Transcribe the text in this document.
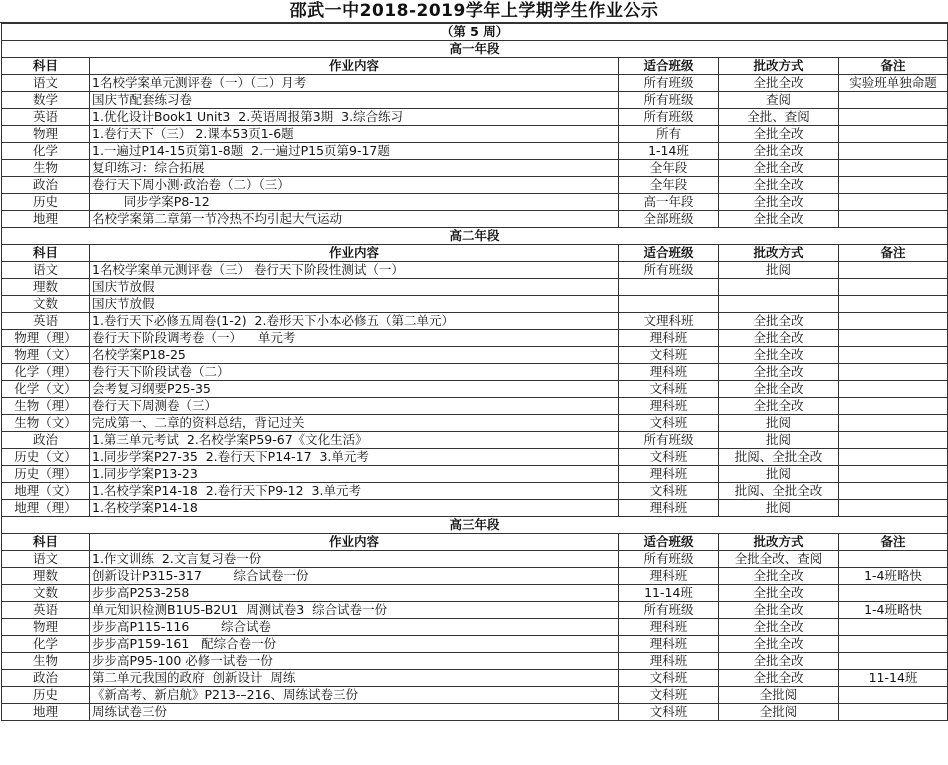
邵武一中2018-2019学年上学期学生作业公示
（第 5 周）				
高一年段				
科目	作业内容	适合班级	批改方式	备注
语文	1名校学案单元测评卷（一）（二）月考	所有班级	全批全改	实验班单独命题
数学	国庆节配套练习卷	所有班级	查阅	
英语	1.优化设计Book1 Unit3  2.英语周报第3期  3.综合练习	所有班级	全批、查阅	
物理	1.卷行天下（三） 2.课本53页1-6题	所有	全批全改	
化学	1.一遍过P14-15页第1-8题  2.一遍过P15页第9-17题	1-14班	全批全改	
生物	复印练习：综合拓展	全年段	全批全改	
政治	卷行天下周小测·政治卷（二）（三）	全年段	全批全改	
历史	同步学案P8-12	高一年段	全批全改	
地理	名校学案第二章第一节冷热不均引起大气运动	全部班级	全批全改	
高二年段				
科目	作业内容	适合班级	批改方式	备注
语文	1名校学案单元测评卷（三） 卷行天下阶段性测试（一）	所有班级	批阅	
理数	国庆节放假			
文数	国庆节放假			
英语	1.卷行天下必修五周卷(1-2)  2.卷形天下小本必修五（第二单元）	文理科班	全批全改	
物理（理）	卷行天下阶段调考卷（一）    单元考	理科班	全批全改	
物理（文）	名校学案P18-25	文科班	全批全改	
化学（理）	卷行天下阶段试卷（二）	理科班	全批全改	
化学（文）	会考复习纲要P25-35	文科班	全批全改	
生物（理）	卷行天下周测卷（三）	理科班	全批全改	
生物（文）	完成第一、二章的资料总结，背记过关	文科班	批阅	
政治	1.第三单元考试  2.名校学案P59-67《文化生活》	所有班级	批阅	
历史（文）	1.同步学案P27-35  2.卷行天下P14-17  3.单元考	文科班	批阅、全批全改	
历史（理）	1.同步学案P13-23	理科班	批阅	
地理（文）	1.名校学案P14-18  2.卷行天下P9-12  3.单元考	文科班	批阅、全批全改	
地理（理）	1.名校学案P14-18	理科班	批阅	
高三年段				
科目	作业内容	适合班级	批改方式	备注
语文	1.作文训练  2.文言复习卷一份	所有班级	全批全改、查阅	
理数	创新设计P315-317        综合试卷一份	理科班	全批全改	1-4班略快
文数	步步高P253-258	11-14班	全批全改	
英语	单元知识检测B1U5-B2U1  周测试卷3  综合试卷一份	所有班级	全批全改	1-4班略快
物理	步步高P115-116        综合试卷	理科班	全批全改	
化学	步步高P159-161   配综合卷一份	理科班	全批全改	
生物	步步高P95-100 必修一试卷一份	理科班	全批全改	
政治	第二单元我国的政府  创新设计  周练	文科班	全批全改	11-14班
历史	《新高考、新启航》P213-–216、周练试卷三份	文科班	全批阅	
地理	周练试卷三份	文科班	全批阅	
